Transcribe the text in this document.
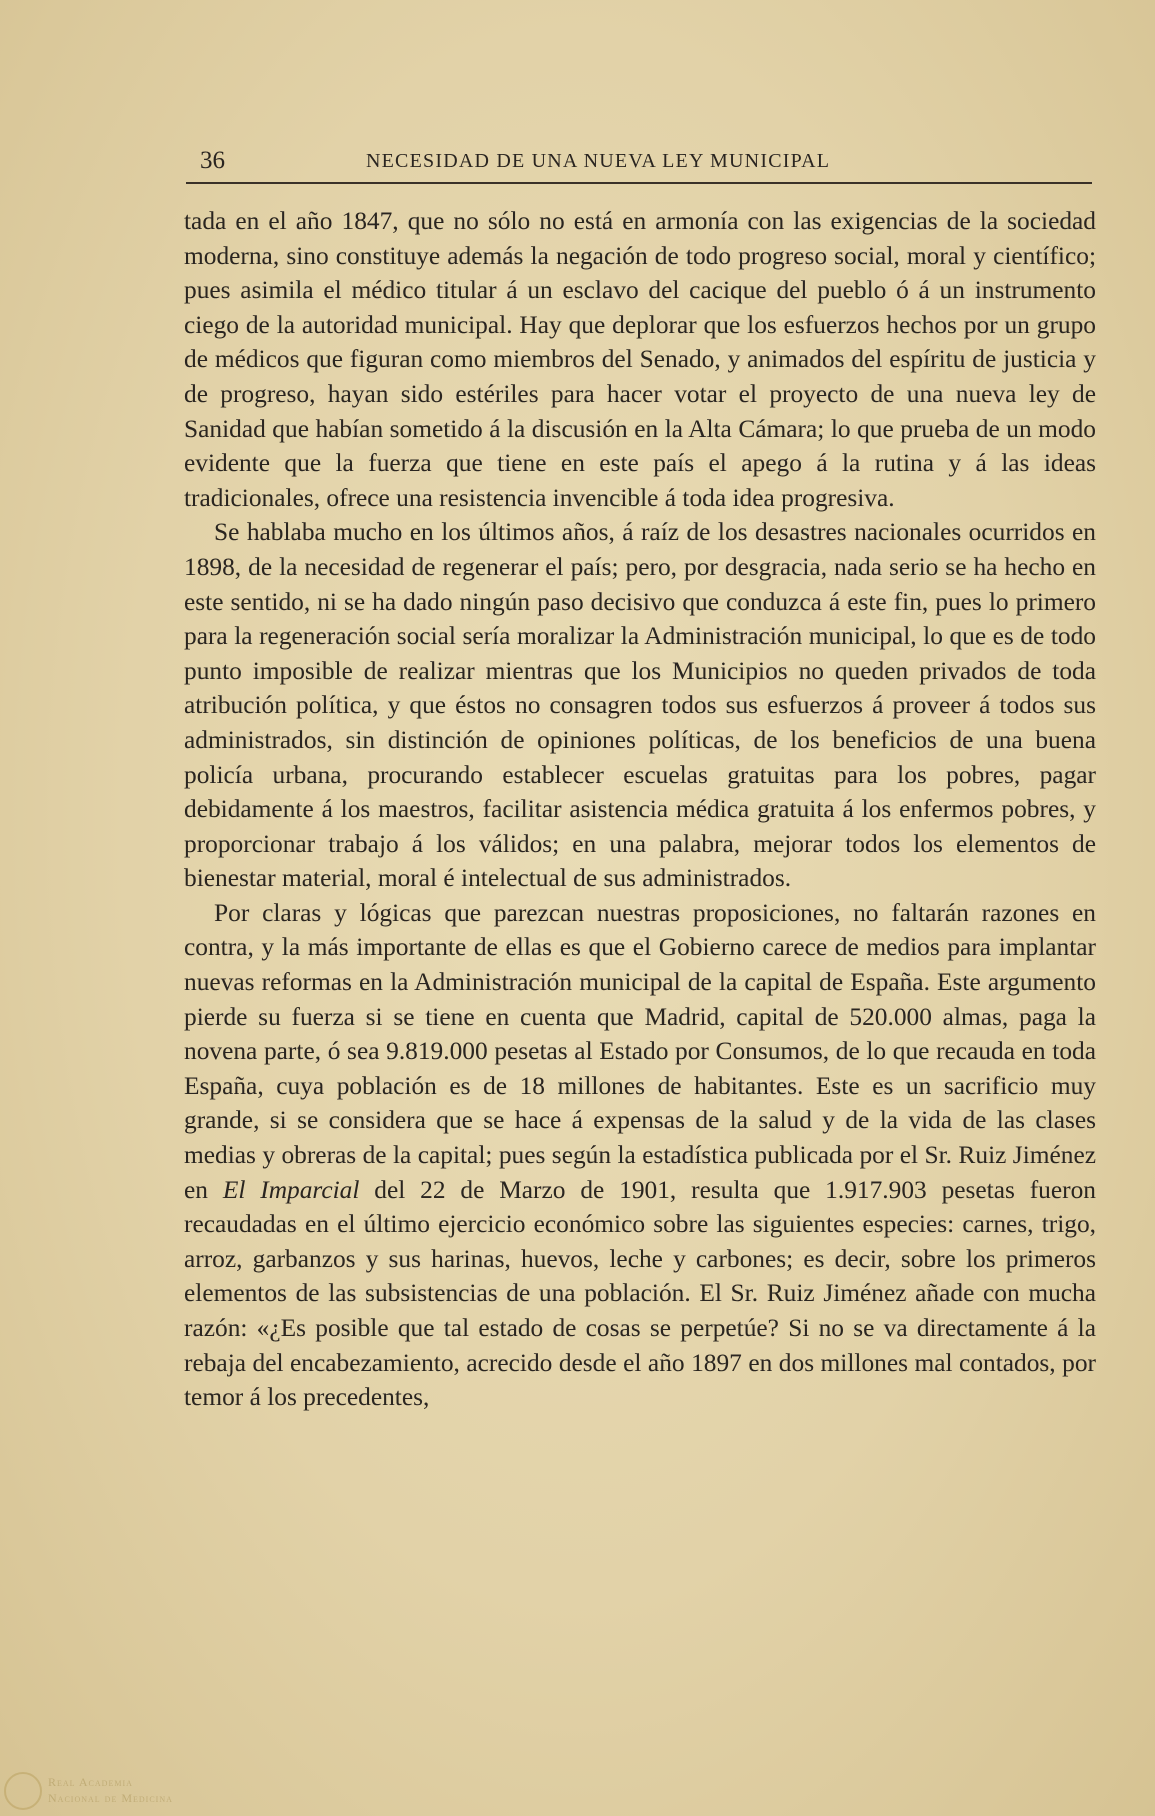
36	NECESIDAD DE UNA NUEVA LEY MUNICIPAL

tada en el año 1847, que no sólo no está en armonía con las exigencias de la sociedad moderna, sino constituye además la negación de todo progreso social, moral y científico; pues asimila el médico titular á un esclavo del cacique del pueblo ó á un instrumento ciego de la autoridad municipal. Hay que deplorar que los esfuerzos hechos por un grupo de médicos que figuran como miembros del Senado, y animados del espíritu de justicia y de progreso, hayan sido estériles para hacer votar el proyecto de una nueva ley de Sanidad que habían sometido á la discusión en la Alta Cámara; lo que prueba de un modo evidente que la fuerza que tiene en este país el apego á la rutina y á las ideas tradicionales, ofrece una resistencia invencible á toda idea progresiva.

Se hablaba mucho en los últimos años, á raíz de los desastres nacionales ocurridos en 1898, de la necesidad de regenerar el país; pero, por desgracia, nada serio se ha hecho en este sentido, ni se ha dado ningún paso decisivo que conduzca á este fin, pues lo primero para la regeneración social sería moralizar la Administración municipal, lo que es de todo punto imposible de realizar mientras que los Municipios no queden privados de toda atribución política, y que éstos no consagren todos sus esfuerzos á proveer á todos sus administrados, sin distinción de opiniones políticas, de los beneficios de una buena policía urbana, procurando establecer escuelas gratuitas para los pobres, pagar debidamente á los maestros, facilitar asistencia médica gratuita á los enfermos pobres, y proporcionar trabajo á los válidos; en una palabra, mejorar todos los elementos de bienestar material, moral é intelectual de sus administrados.

Por claras y lógicas que parezcan nuestras proposiciones, no faltarán razones en contra, y la más importante de ellas es que el Gobierno carece de medios para implantar nuevas reformas en la Administración municipal de la capital de España. Este argumento pierde su fuerza si se tiene en cuenta que Madrid, capital de 520.000 almas, paga la novena parte, ó sea 9.819.000 pesetas al Estado por Consumos, de lo que recauda en toda España, cuya población es de 18 millones de habitantes. Este es un sacrificio muy grande, si se considera que se hace á expensas de la salud y de la vida de las clases medias y obreras de la capital; pues según la estadística publicada por el Sr. Ruiz Jiménez en El Imparcial del 22 de Marzo de 1901, resulta que 1.917.903 pesetas fueron recaudadas en el último ejercicio económico sobre las siguientes especies: carnes, trigo, arroz, garbanzos y sus harinas, huevos, leche y carbones; es decir, sobre los primeros elementos de las subsistencias de una población. El Sr. Ruiz Jiménez añade con mucha razón: «¿Es posible que tal estado de cosas se perpetúe? Si no se va directamente á la rebaja del encabezamiento, acrecido desde el año 1897 en dos millones mal contados, por temor á los precedentes,

Real Academia
Nacional de Medicina
